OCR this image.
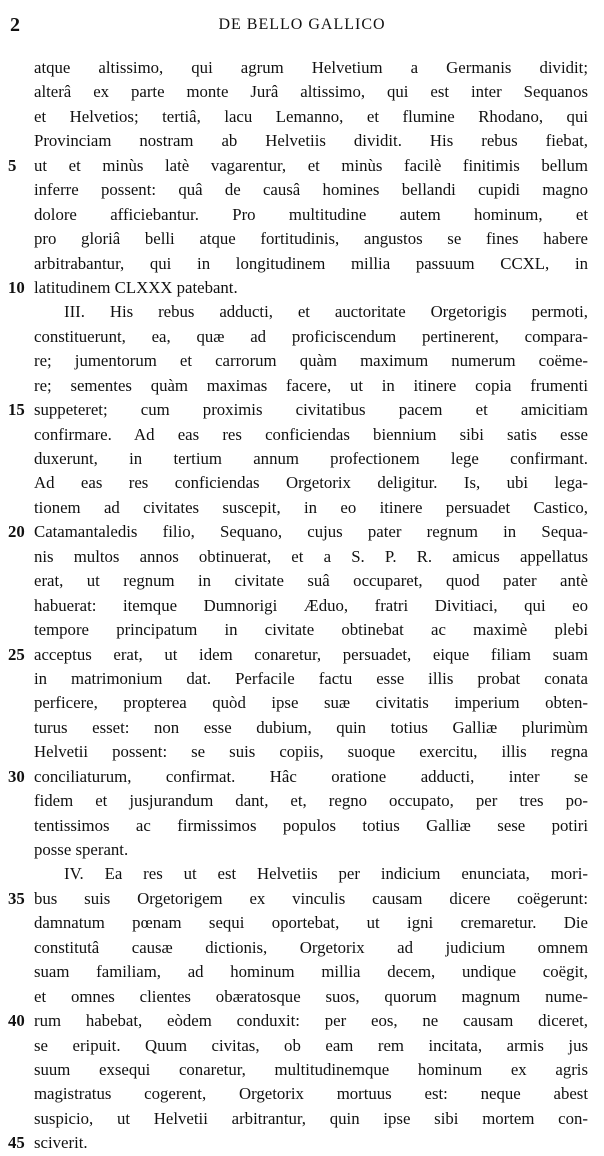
2	DE BELLO GALLICO
atque altissimo, qui agrum Helvetium a Germanis dividit;
alterâ ex parte monte Jurâ altissimo, qui est inter Sequanos
et Helvetios; tertiâ, lacu Lemanno, et flumine Rhodano, qui
Provinciam nostram ab Helvetiis dividit. His rebus fiebat,
5 ut et minùs latè vagarentur, et minùs facilè finitimis bellum
inferre possent: quâ de causâ homines bellandi cupidi magno
dolore afficiebantur. Pro multitudine autem hominum, et
pro gloriâ belli atque fortitudinis, angustos se fines habere
arbitrabantur, qui in longitudinem millia passuum CCXL, in
10 latitudinem CLXXX patebant.
III. His rebus adducti, et auctoritate Orgetorigis permoti,
constituerunt, ea, quæ ad proficiscendum pertinerent, compara-
re; jumentorum et carrorum quàm maximum numerum coëme-
re; sementes quàm maximas facere, ut in itinere copia frumenti
15 suppeteret; cum proximis civitatibus pacem et amicitiam
confirmare. Ad eas res conficiendas biennium sibi satis esse
duxerunt, in tertium annum profectionem lege confirmant.
Ad eas res conficiendas Orgetorix deligitur. Is, ubi lega-
tionem ad civitates suscepit, in eo itinere persuadet Castico,
20 Catamantaledis filio, Sequano, cujus pater regnum in Sequa-
nis multos annos obtinuerat, et a S. P. R. amicus appellatus
erat, ut regnum in civitate suâ occuparet, quod pater antè
habuerat: itemque Dumnorigi Æduo, fratri Divitiaci, qui eo
tempore principatum in civitate obtinebat ac maximè plebi
25 acceptus erat, ut idem conaretur, persuadet, eique filiam suam
in matrimonium dat. Perfacile factu esse illis probat conata
perficere, propterea quòd ipse suæ civitatis imperium obten-
turus esset: non esse dubium, quin totius Galliæ plurimùm
Helvetii possent: se suis copiis, suoque exercitu, illis regna
30 conciliaturum, confirmat. Hâc oratione adducti, inter se
fidem et jusjurandum dant, et, regno occupato, per tres po-
tentissimos ac firmissimos populos totius Galliæ sese potiri
posse sperant.
IV. Ea res ut est Helvetiis per indicium enunciata, mori-
35 bus suis Orgetorigem ex vinculis causam dicere coëgerunt:
damnatum pœnam sequi oportebat, ut igni cremaretur. Die
constitutâ causæ dictionis, Orgetorix ad judicium omnem
suam familiam, ad hominum millia decem, undique coëgit,
et omnes clientes obæratosque suos, quorum magnum nume-
40 rum habebat, eòdem conduxit: per eos, ne causam diceret,
se eripuit. Quum civitas, ob eam rem incitata, armis jus
suum exsequi conaretur, multitudinemque hominum ex agris
magistratus cogerent, Orgetorix mortuus est: neque abest
suspicio, ut Helvetii arbitrantur, quin ipse sibi mortem con-
45 sciverit.
